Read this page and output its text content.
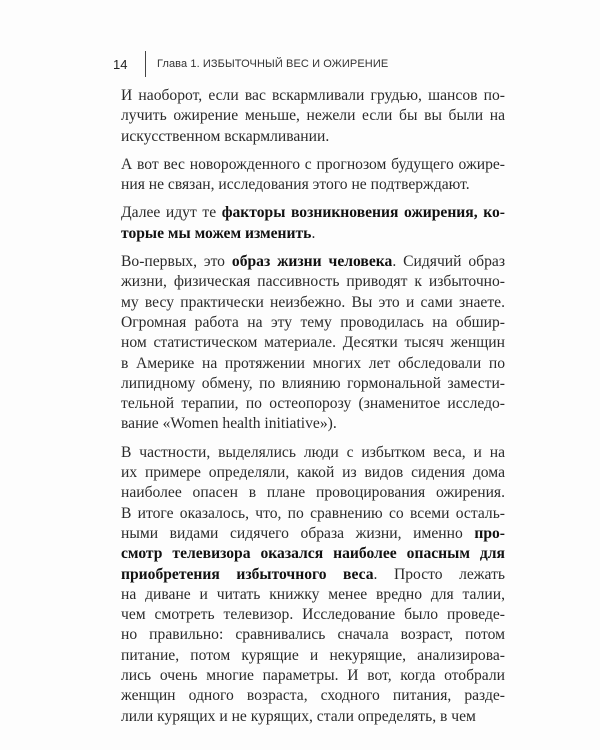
14	Глава 1. ИЗБЫТОЧНЫЙ ВЕС И ОЖИРЕНИЕ
И наоборот, если вас вскармливали грудью, шансов по-
лучить ожирение меньше, нежели если бы вы были на
искусственном вскармливании.
А вот вес новорожденного с прогнозом будущего ожире-
ния не связан, исследования этого не подтверждают.
Далее идут те факторы возникновения ожирения, ко-
торые мы можем изменить.
Во-первых, это образ жизни человека. Сидячий образ
жизни, физическая пассивность приводят к избыточно-
му весу практически неизбежно. Вы это и сами знаете.
Огромная работа на эту тему проводилась на обшир-
ном статистическом материале. Десятки тысяч женщин
в Америке на протяжении многих лет обследовали по
липидному обмену, по влиянию гормональной замести-
тельной терапии, по остеопорозу (знаменитое исследо-
вание «Women health initiative»).
В частности, выделялись люди с избытком веса, и на
их примере определяли, какой из видов сидения дома
наиболее опасен в плане провоцирования ожирения.
В итоге оказалось, что, по сравнению со всеми осталь-
ными видами сидячего образа жизни, именно про-
смотр телевизора оказался наиболее опасным для
приобретения избыточного веса. Просто лежать
на диване и читать книжку менее вредно для талии,
чем смотреть телевизор. Исследование было проведе-
но правильно: сравнивались сначала возраст, потом
питание, потом курящие и некурящие, анализирова-
лись очень многие параметры. И вот, когда отобрали
женщин одного возраста, сходного питания, разде-
лили курящих и не курящих, стали определять, в чем
